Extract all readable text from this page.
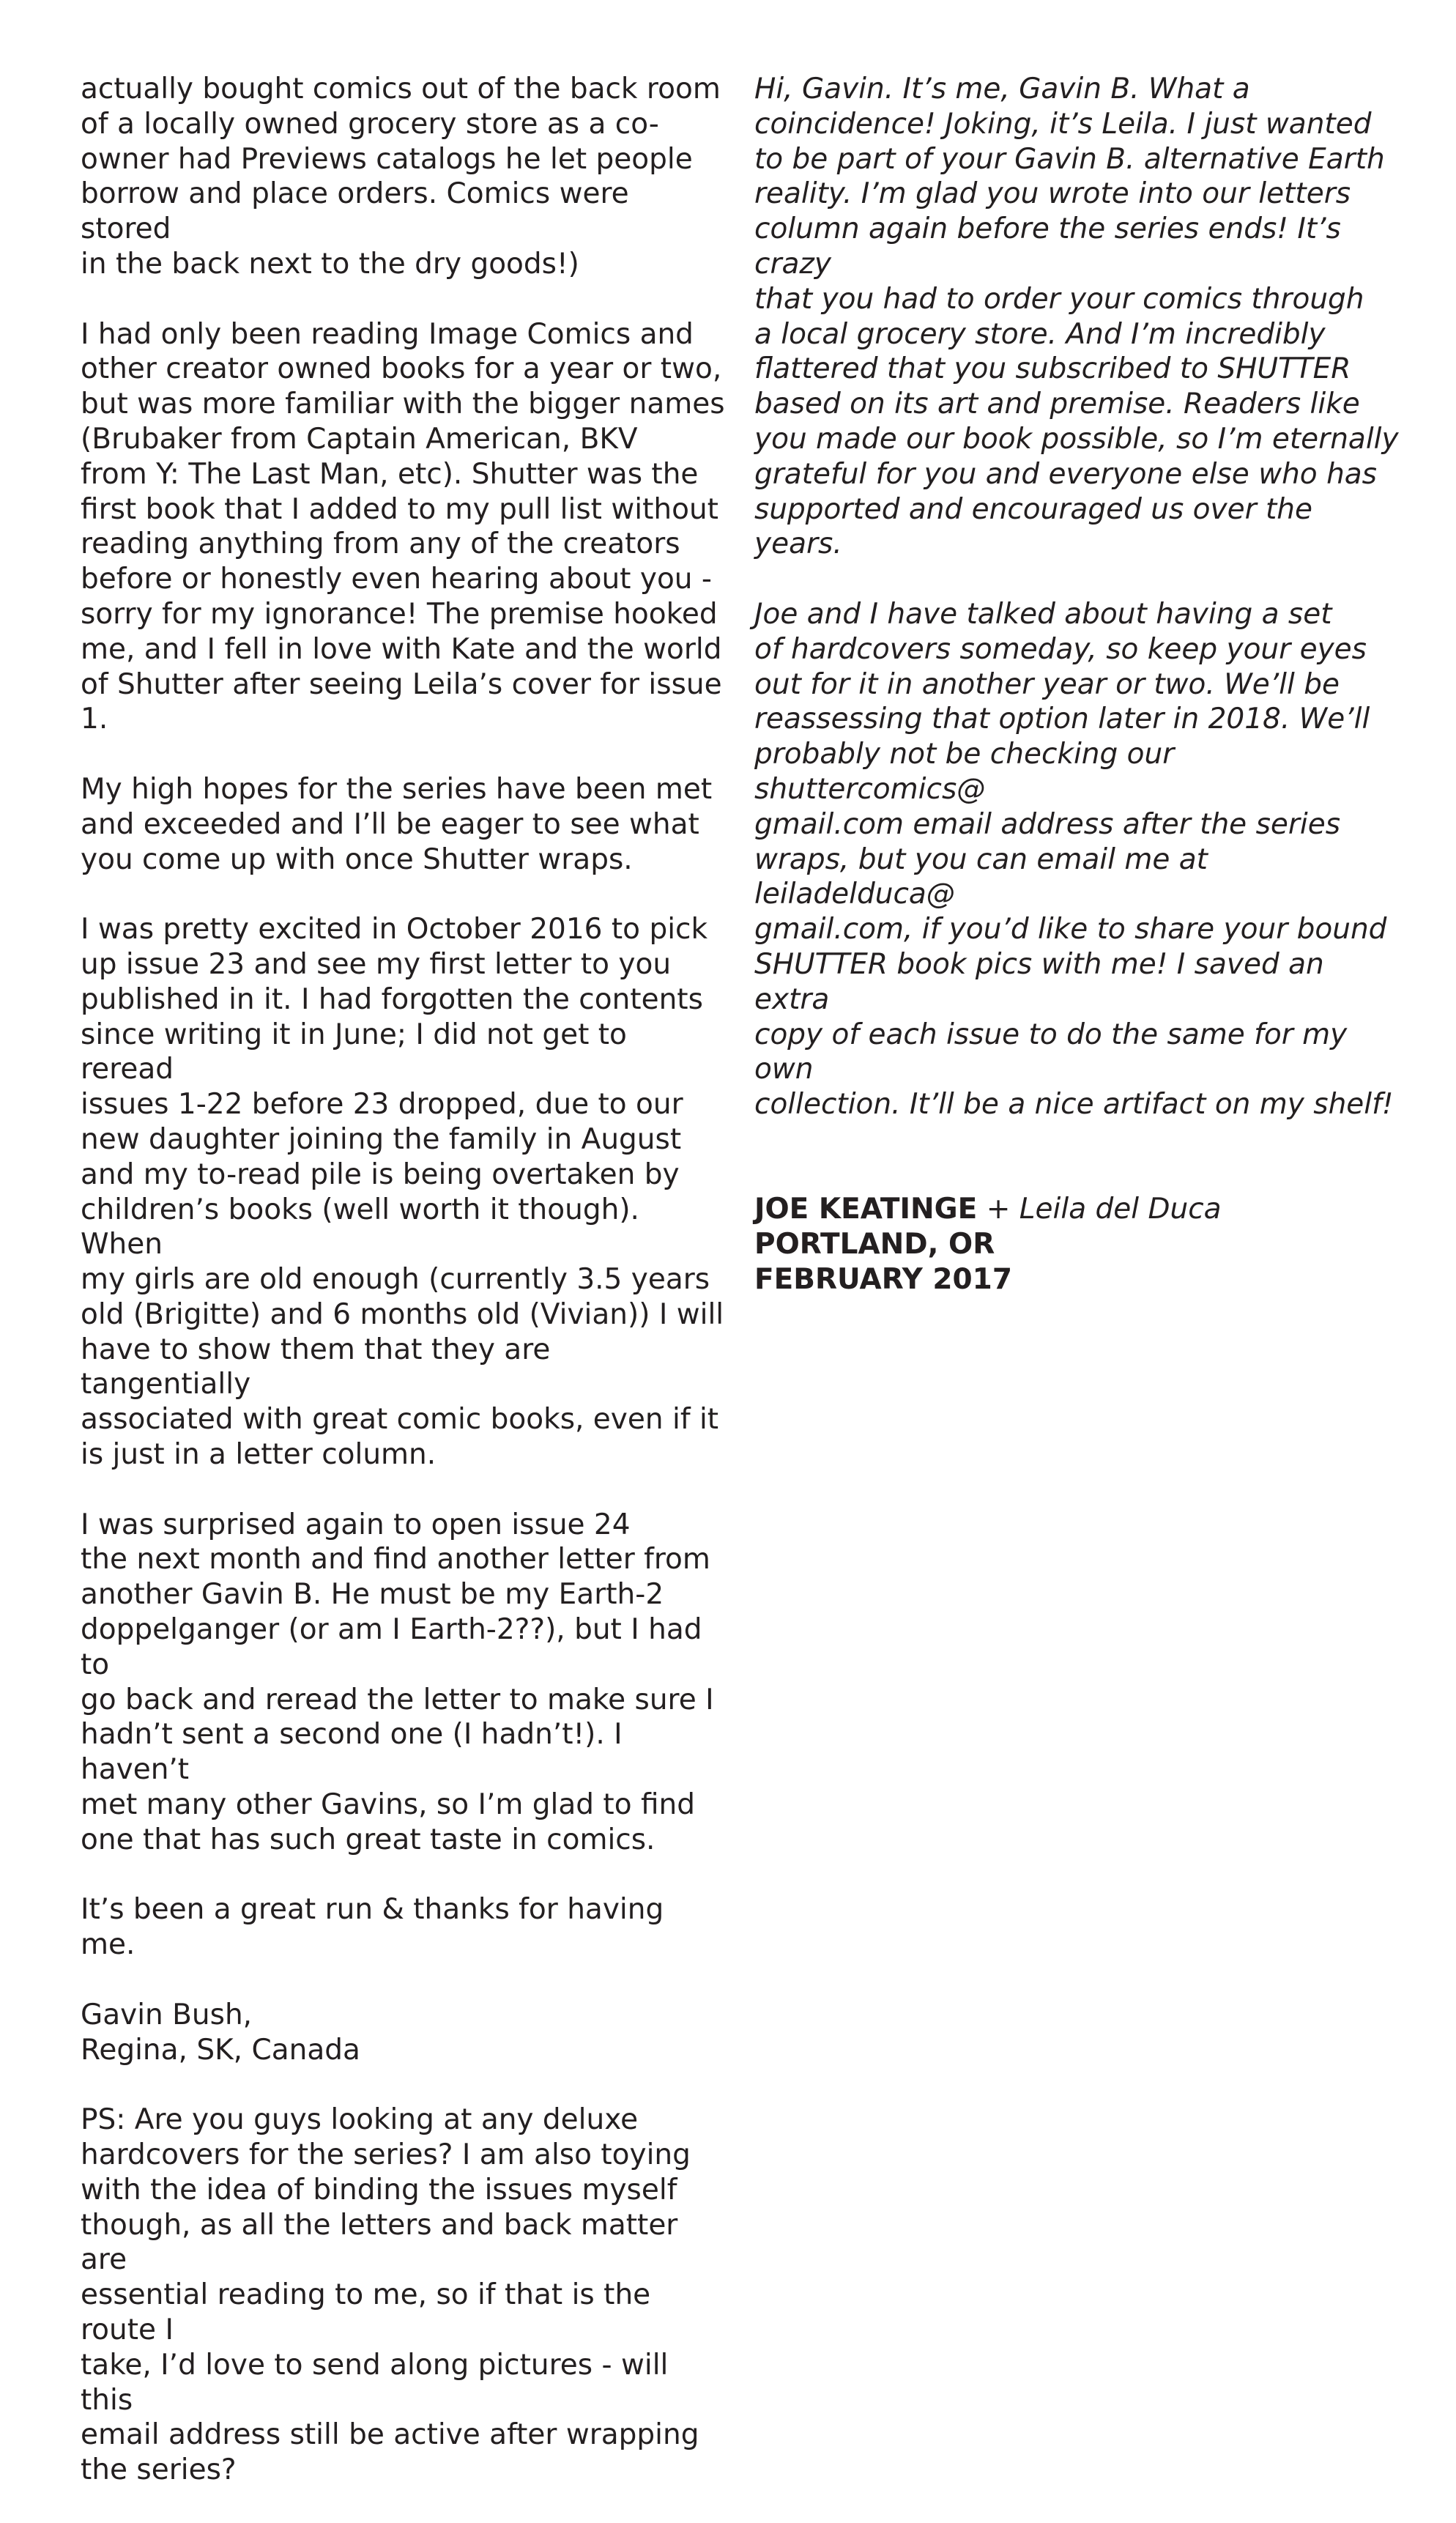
actually bought comics out of the back room
of a locally owned grocery store as a co-
owner had Previews catalogs he let people
borrow and place orders. Comics were stored
in the back next to the dry goods!)

I had only been reading Image Comics and
other creator owned books for a year or two,
but was more familiar with the bigger names
(Brubaker from Captain American, BKV
from Y: The Last Man, etc). Shutter was the
first book that I added to my pull list without
reading anything from any of the creators
before or honestly even hearing about you -
sorry for my ignorance! The premise hooked
me, and I fell in love with Kate and the world
of Shutter after seeing Leila’s cover for issue 1.

My high hopes for the series have been met
and exceeded and I’ll be eager to see what
you come up with once Shutter wraps.

I was pretty excited in October 2016 to pick
up issue 23 and see my first letter to you
published in it. I had forgotten the contents
since writing it in June; I did not get to reread
issues 1-22 before 23 dropped, due to our
new daughter joining the family in August
and my to-read pile is being overtaken by
children’s books (well worth it though). When
my girls are old enough (currently 3.5 years
old (Brigitte) and 6 months old (Vivian)) I will
have to show them that they are tangentially
associated with great comic books, even if it
is just in a letter column.

I was surprised again to open issue 24
the next month and find another letter from
another Gavin B. He must be my Earth-2
doppelganger (or am I Earth-2??), but I had to
go back and reread the letter to make sure I
hadn’t sent a second one (I hadn’t!). I haven’t
met many other Gavins, so I’m glad to find
one that has such great taste in comics.

It’s been a great run & thanks for having me.

Gavin Bush,
Regina, SK, Canada

PS: Are you guys looking at any deluxe
hardcovers for the series? I am also toying
with the idea of binding the issues myself
though, as all the letters and back matter are
essential reading to me, so if that is the route I
take, I’d love to send along pictures - will this
email address still be active after wrapping
the series?

Hi, Gavin. It’s me, Gavin B. What a
coincidence! Joking, it’s Leila. I just wanted
to be part of your Gavin B. alternative Earth
reality. I’m glad you wrote into our letters
column again before the series ends! It’s crazy
that you had to order your comics through
a local grocery store. And I’m incredibly
flattered that you subscribed to SHUTTER
based on its art and premise. Readers like
you made our book possible, so I’m eternally
grateful for you and everyone else who has
supported and encouraged us over the years.

Joe and I have talked about having a set
of hardcovers someday, so keep your eyes
out for it in another year or two. We’ll be
reassessing that option later in 2018. We’ll
probably not be checking our shuttercomics@
gmail.com email address after the series
wraps, but you can email me at leiladelduca@
gmail.com, if you’d like to share your bound
SHUTTER book pics with me! I saved an extra
copy of each issue to do the same for my own
collection. It’ll be a nice artifact on my shelf!

JOE KEATINGE + Leila del Duca
PORTLAND, OR
FEBRUARY 2017
